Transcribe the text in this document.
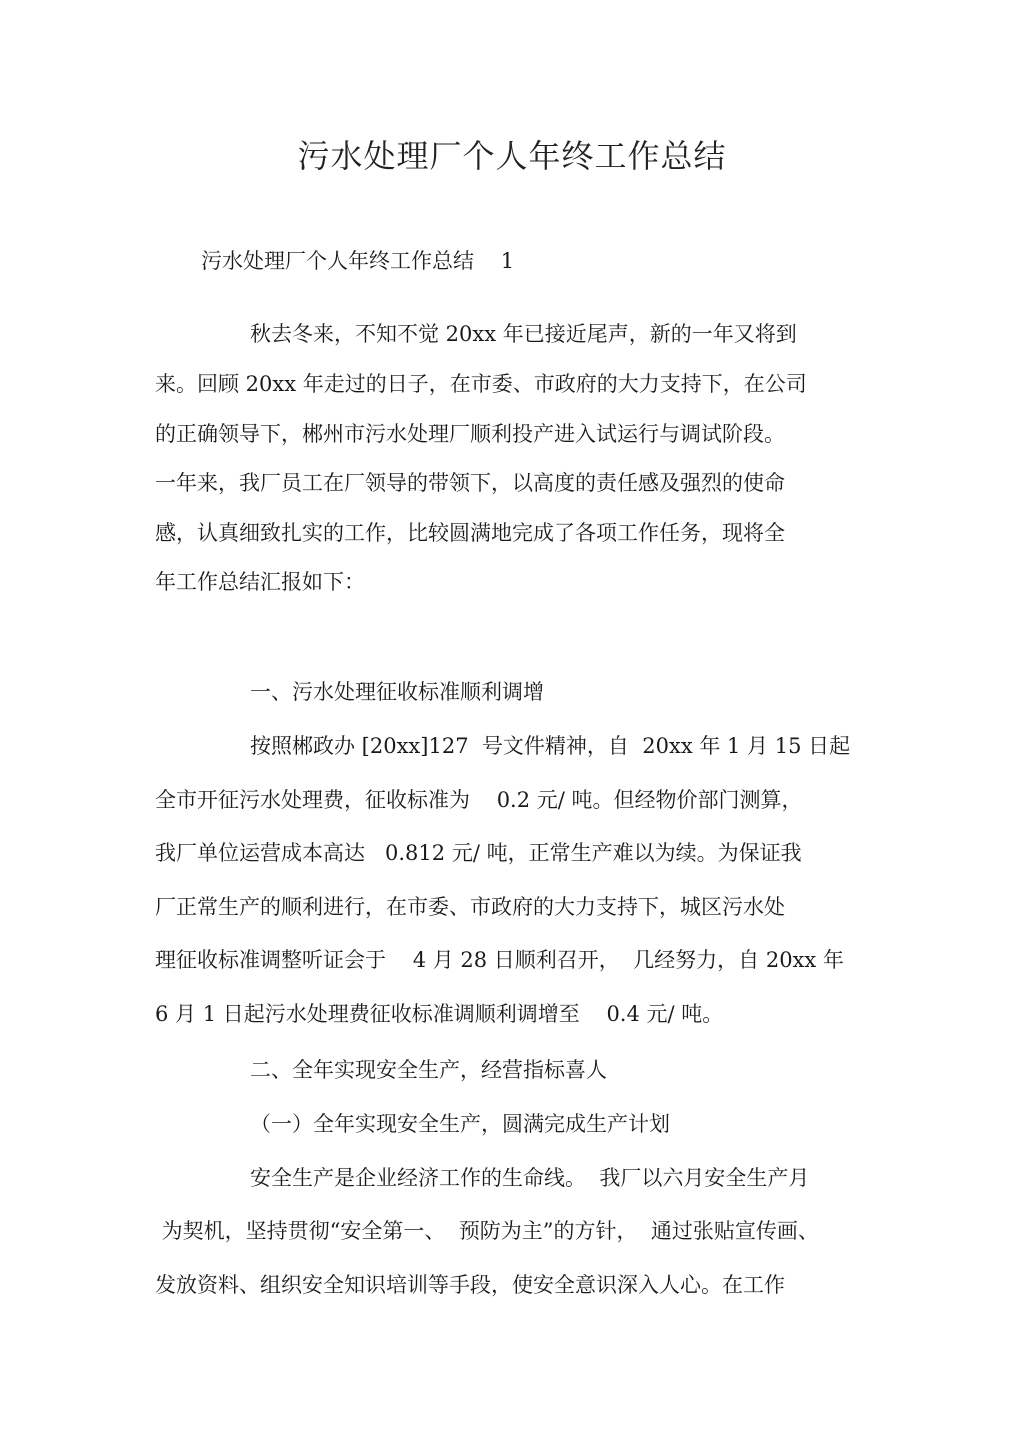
污水处理厂个人年终工作总结
污水处理厂个人年终工作总结    1
秋去冬来，不知不觉 20xx 年已接近尾声，新的一年又将到
来。回顾 20xx 年走过的日子，在市委、市政府的大力支持下，在公司
的正确领导下，郴州市污水处理厂顺利投产进入试运行与调试阶段。
一年来，我厂员工在厂领导的带领下，以高度的责任感及强烈的使命
感，认真细致扎实的工作，比较圆满地完成了各项工作任务，现将全
年工作总结汇报如下：
一、污水处理征收标准顺利调增
按照郴政办 [20xx]127  号文件精神，自  20xx 年 1 月 15 日起
全市开征污水处理费，征收标准为    0.2 元/ 吨。但经物价部门测算，
我厂单位运营成本高达   0.812 元/ 吨，正常生产难以为续。为保证我
厂正常生产的顺利进行，在市委、市政府的大力支持下，城区污水处
理征收标准调整听证会于    4 月 28 日顺利召开，  几经努力，自 20xx 年
6 月 1 日起污水处理费征收标准调顺利调增至    0.4 元/ 吨。
二、全年实现安全生产，经营指标喜人
（一）全年实现安全生产，圆满完成生产计划
安全生产是企业经济工作的生命线。  我厂以六月安全生产月
为契机，坚持贯彻“安全第一、  预防为主”的方针，  通过张贴宣传画、
发放资料、组织安全知识培训等手段，使安全意识深入人心。在工作
